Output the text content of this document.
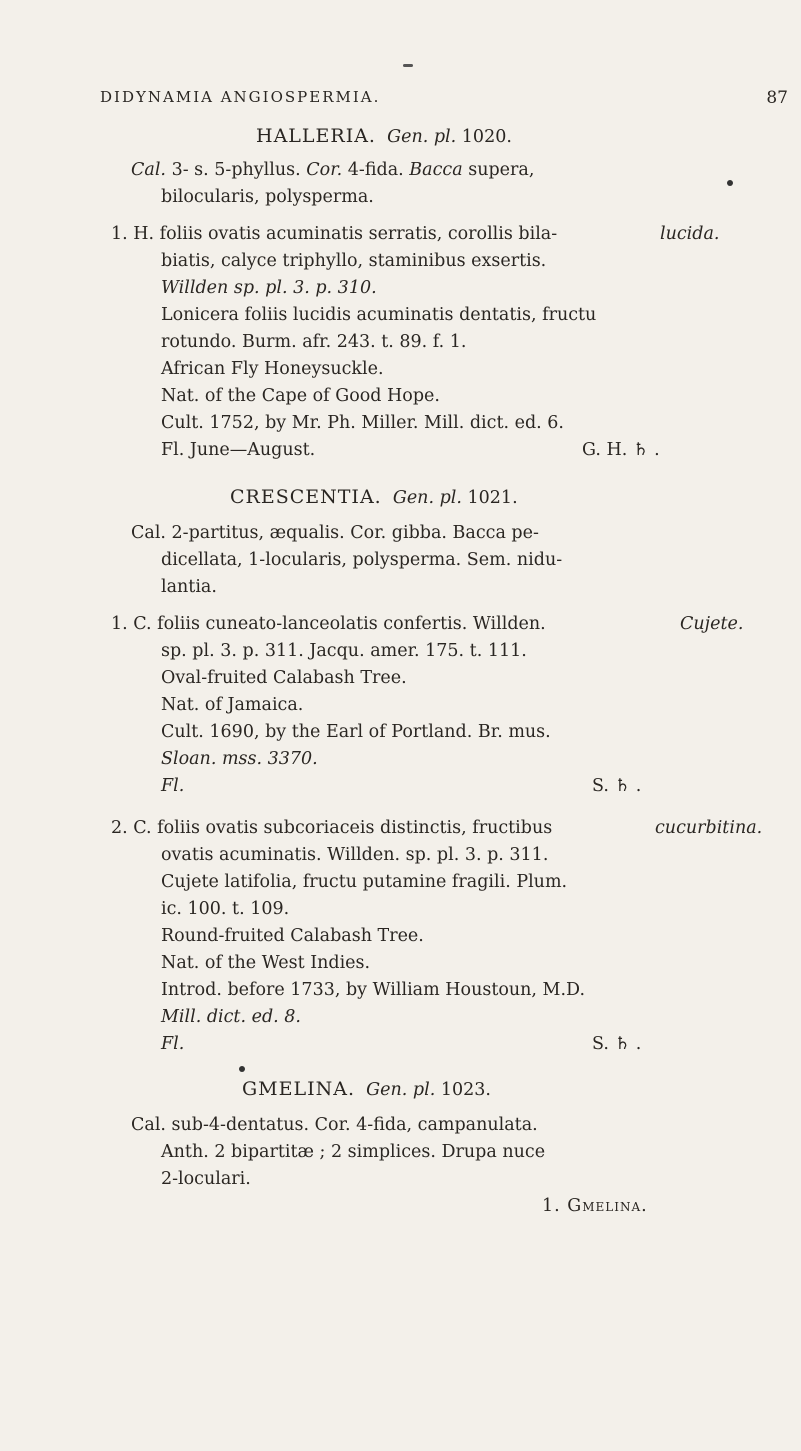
DIDYNAMIA ANGIOSPERMIA.	87
HALLERIA. Gen. pl. 1020.
Cal. 3- s. 5-phyllus. Cor. 4-fida. Bacca supera,
bilocularis, polysperma.
1. H. foliis ovatis acuminatis serratis, corollis bila-	lucida.
biatis, calyce triphyllo, staminibus exsertis.
Willden sp. pl. 3. p. 310.
Lonicera foliis lucidis acuminatis dentatis, fructu
rotundo. Burm. afr. 243. t. 89. f. 1.
African Fly Honeysuckle.
Nat. of the Cape of Good Hope.
Cult. 1752, by Mr. Ph. Miller. Mill. dict. ed. 6.
Fl. June—August.	G. H. ♄ .
CRESCENTIA. Gen. pl. 1021.
Cal. 2-partitus, æqualis. Cor. gibba. Bacca pe-
dicellata, 1-locularis, polysperma. Sem. nidu-
lantia.
1. C. foliis cuneato-lanceolatis confertis. Willden.	Cujete.
sp. pl. 3. p. 311. Jacqu. amer. 175. t. 111.
Oval-fruited Calabash Tree.
Nat. of Jamaica.
Cult. 1690, by the Earl of Portland. Br. mus.
Sloan. mss. 3370.
Fl.	S. ♄ .
2. C. foliis ovatis subcoriaceis distinctis, fructibus	cucurbitina.
ovatis acuminatis. Willden. sp. pl. 3. p. 311.
Cujete latifolia, fructu putamine fragili. Plum.
ic. 100. t. 109.
Round-fruited Calabash Tree.
Nat. of the West Indies.
Introd. before 1733, by William Houstoun, M.D.
Mill. dict. ed. 8.
Fl.	S. ♄ .
GMELINA. Gen. pl. 1023.
Cal. sub-4-dentatus. Cor. 4-fida, campanulata.
Anth. 2 bipartitæ ; 2 simplices. Drupa nuce
2-loculari.
1. Gmelina.
